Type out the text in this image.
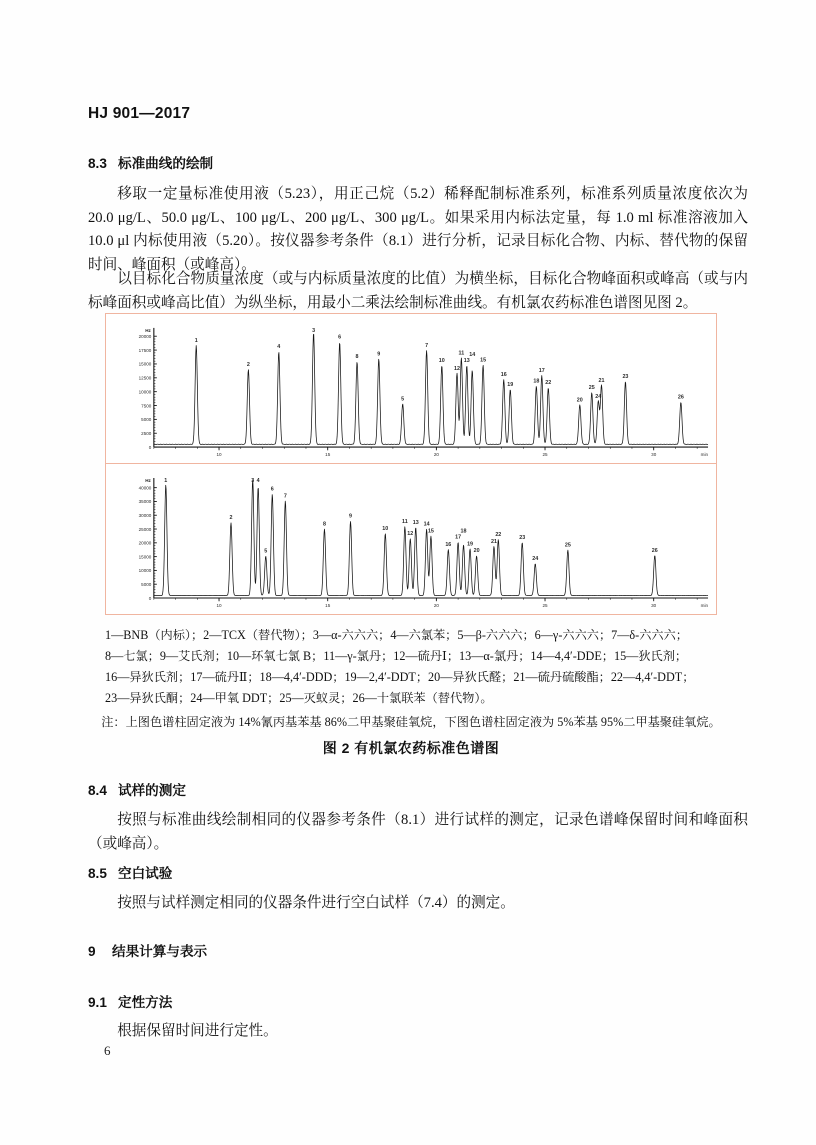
HJ 901—2017
8.3 标准曲线的绘制

移取一定量标准使用液（5.23），用正己烷（5.2）稀释配制标准系列，标准系列质量浓度依次为 20.0 μg/L、50.0 μg/L、100 μg/L、200 μg/L、300 μg/L。如果采用内标法定量，每 1.0 ml 标准溶液加入 10.0 μl 内标使用液（5.20）。按仪器参考条件（8.1）进行分析，记录目标化合物、内标、替代物的保留时间、峰面积（或峰高）。

以目标化合物质量浓度（或与内标质量浓度的比值）为横坐标，目标化合物峰面积或峰高（或与内标峰面积或峰高比值）为纵坐标，用最小二乘法绘制标准曲线。有机氯农药标准色谱图见图 2。

Hz
0
2500
5000
7500
10000
12500
15000
17500
20000
10	15	20	25	30	min
1
2
4
3
6
8	9
5
7
10
12
11
13
14
15
16
19
18
17
22
20
25
24
21
23
26
Hz
0
5000
10000
15000
20000
25000
30000
35000
40000
10	15	20	25	30	min
1
2
3 4
5
6
7
8
9
10
11
12
13 14
15
16
17
18
19
20
21
22
23
24
25
26
1—BNB（内标）；2—TCX（替代物）；3—α-六六六；4—六氯苯；5—β-六六六；6—γ-六六六；7—δ-六六六；
8—七氯；9—艾氏剂；10—环氧七氯 B；11—γ-氯丹；12—硫丹Ⅰ；13—α-氯丹；14—4,4′-DDE；15—狄氏剂；
16—异狄氏剂；17—硫丹Ⅱ；18—4,4′-DDD；19—2,4′-DDT；20—异狄氏醛；21—硫丹硫酸酯；22—4,4′-DDT；
23—异狄氏酮；24—甲氧 DDT；25—灭蚁灵；26—十氯联苯（替代物）。
注：上图色谱柱固定液为 14%氰丙基苯基 86%二甲基聚硅氧烷，下图色谱柱固定液为 5%苯基 95%二甲基聚硅氧烷。
图 2 有机氯农药标准色谱图
8.4 试样的测定

按照与标准曲线绘制相同的仪器参考条件（8.1）进行试样的测定，记录色谱峰保留时间和峰面积（或峰高）。

8.5 空白试验

按照与试样测定相同的仪器条件进行空白试样（7.4）的测定。

9 结果计算与表示
9.1 定性方法

根据保留时间进行定性。

6
